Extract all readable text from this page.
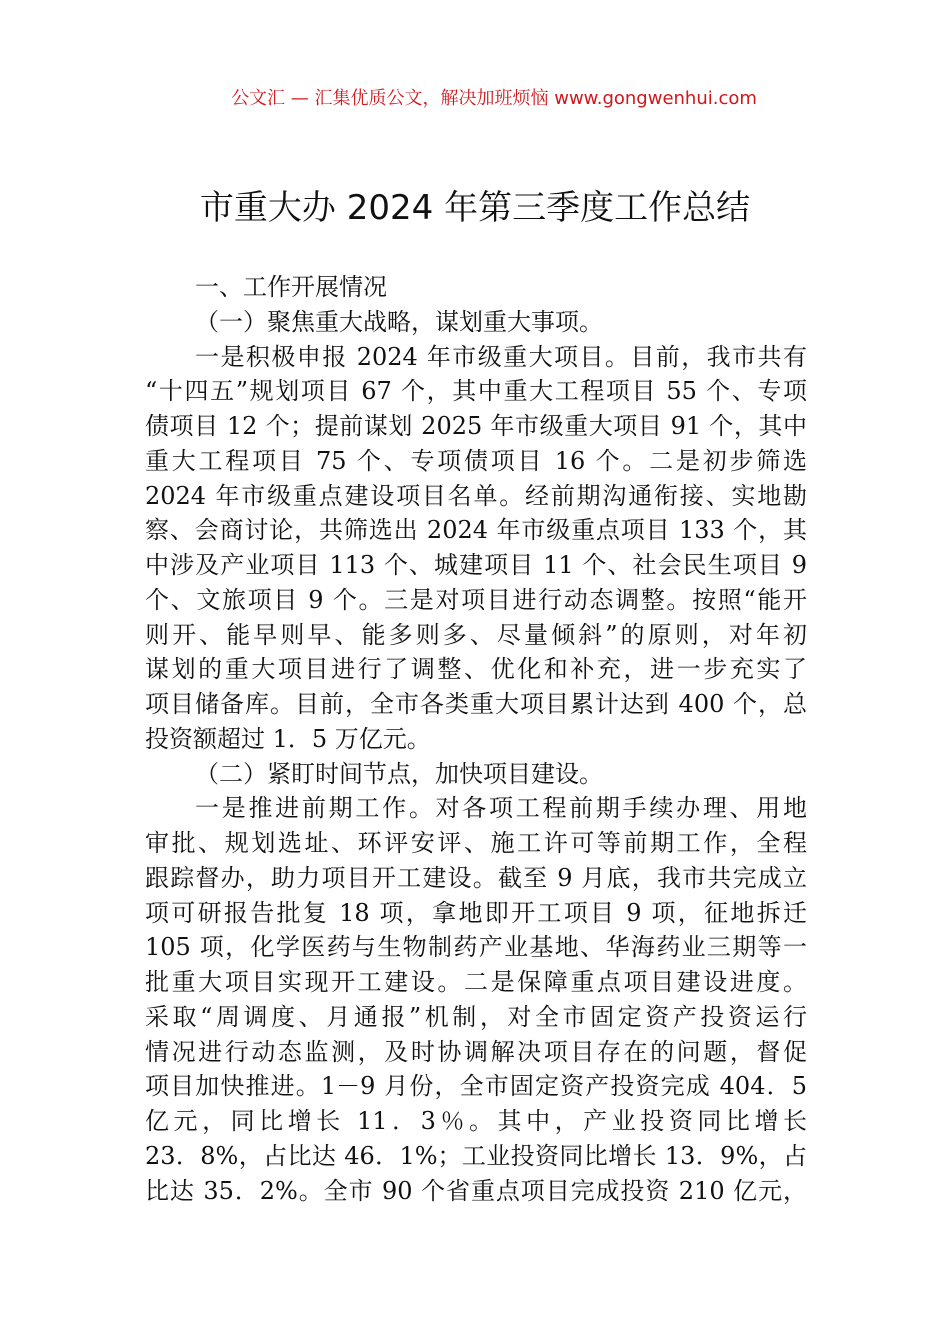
公文汇 — 汇集优质公文，解决加班烦恼 www.gongwenhui.com
市重大办 2024 年第三季度工作总结
一、工作开展情况
（一）聚焦重大战略，谋划重大事项。
一是积极申报 2024 年市级重大项目。目前，我市共有
“十四五”规划项目 67 个，其中重大工程项目 55 个、专项
债项目 12 个；提前谋划 2025 年市级重大项目 91 个，其中
重大工程项目 75 个、专项债项目 16 个。二是初步筛选
2024 年市级重点建设项目名单。经前期沟通衔接、实地勘
察、会商讨论，共筛选出 2024 年市级重点项目 133 个，其
中涉及产业项目 113 个、城建项目 11 个、社会民生项目 9
个、文旅项目 9 个。三是对项目进行动态调整。按照“能开
则开、能早则早、能多则多、尽量倾斜”的原则，对年初
谋划的重大项目进行了调整、优化和补充，进一步充实了
项目储备库。目前，全市各类重大项目累计达到 400 个，总
投资额超过 1．5 万亿元。
（二）紧盯时间节点，加快项目建设。
一是推进前期工作。对各项工程前期手续办理、用地
审批、规划选址、环评安评、施工许可等前期工作，全程
跟踪督办，助力项目开工建设。截至 9 月底，我市共完成立
项可研报告批复 18 项，拿地即开工项目 9 项，征地拆迁
105 项，化学医药与生物制药产业基地、华海药业三期等一
批重大项目实现开工建设。二是保障重点项目建设进度。
采取“周调度、月通报”机制，对全市固定资产投资运行
情况进行动态监测，及时协调解决项目存在的问题，督促
项目加快推进。1－9 月份，全市固定资产投资完成 404．5
亿元，同比增长 11．3％。其中，产业投资同比增长
23．8%，占比达 46．1%；工业投资同比增长 13．9%，占
比达 35．2%。全市 90 个省重点项目完成投资 210 亿元，
